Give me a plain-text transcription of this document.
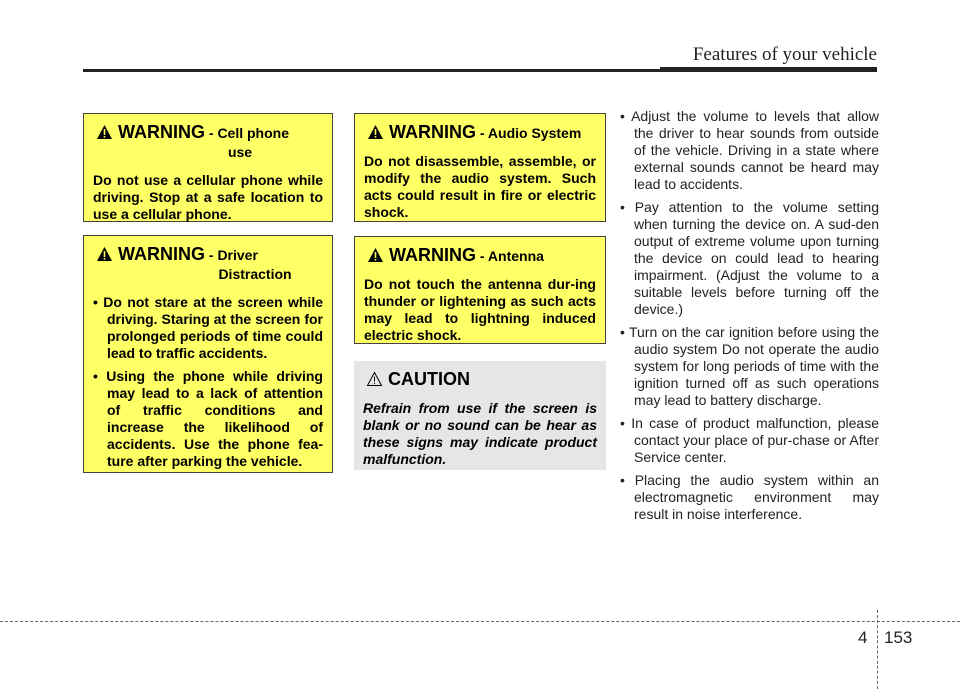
Features of your vehicle
WARNING - Cell phone
use

Do not use a cellular phone while driving. Stop at a safe location to use a cellular phone.

WARNING - Driver
Distraction
• Do not stare at the screen while driving. Staring at the screen for prolonged periods of time could lead to traffic accidents.
• Using the phone while driving may lead to a lack of attention of traffic conditions and increase the likelihood of accidents. Use the phone fea-ture after parking the vehicle.
WARNING - Audio System

Do not disassemble, assemble, or modify the audio system. Such acts could result in fire or electric shock.

WARNING - Antenna

Do not touch the antenna dur-ing thunder or lightening as such acts may lead to lightning induced electric shock.

CAUTION

Refrain from use if the screen is blank or no sound can be hear as these signs may indicate product malfunction.

• Adjust the volume to levels that allow the driver to hear sounds from outside of the vehicle. Driving in a state where external sounds cannot be heard may lead to accidents.
• Pay attention to the volume setting when turning the device on. A sud-den output of extreme volume upon turning the device on could lead to hearing impairment. (Adjust the volume to a suitable levels before turning off the device.)
• Turn on the car ignition before using the audio system Do not operate the audio system for long periods of time with the ignition turned off as such operations may lead to battery discharge.
• In case of product malfunction, please contact your place of pur-chase or After Service center.
• Placing the audio system within an electromagnetic environment may result in noise interference.
4 153
